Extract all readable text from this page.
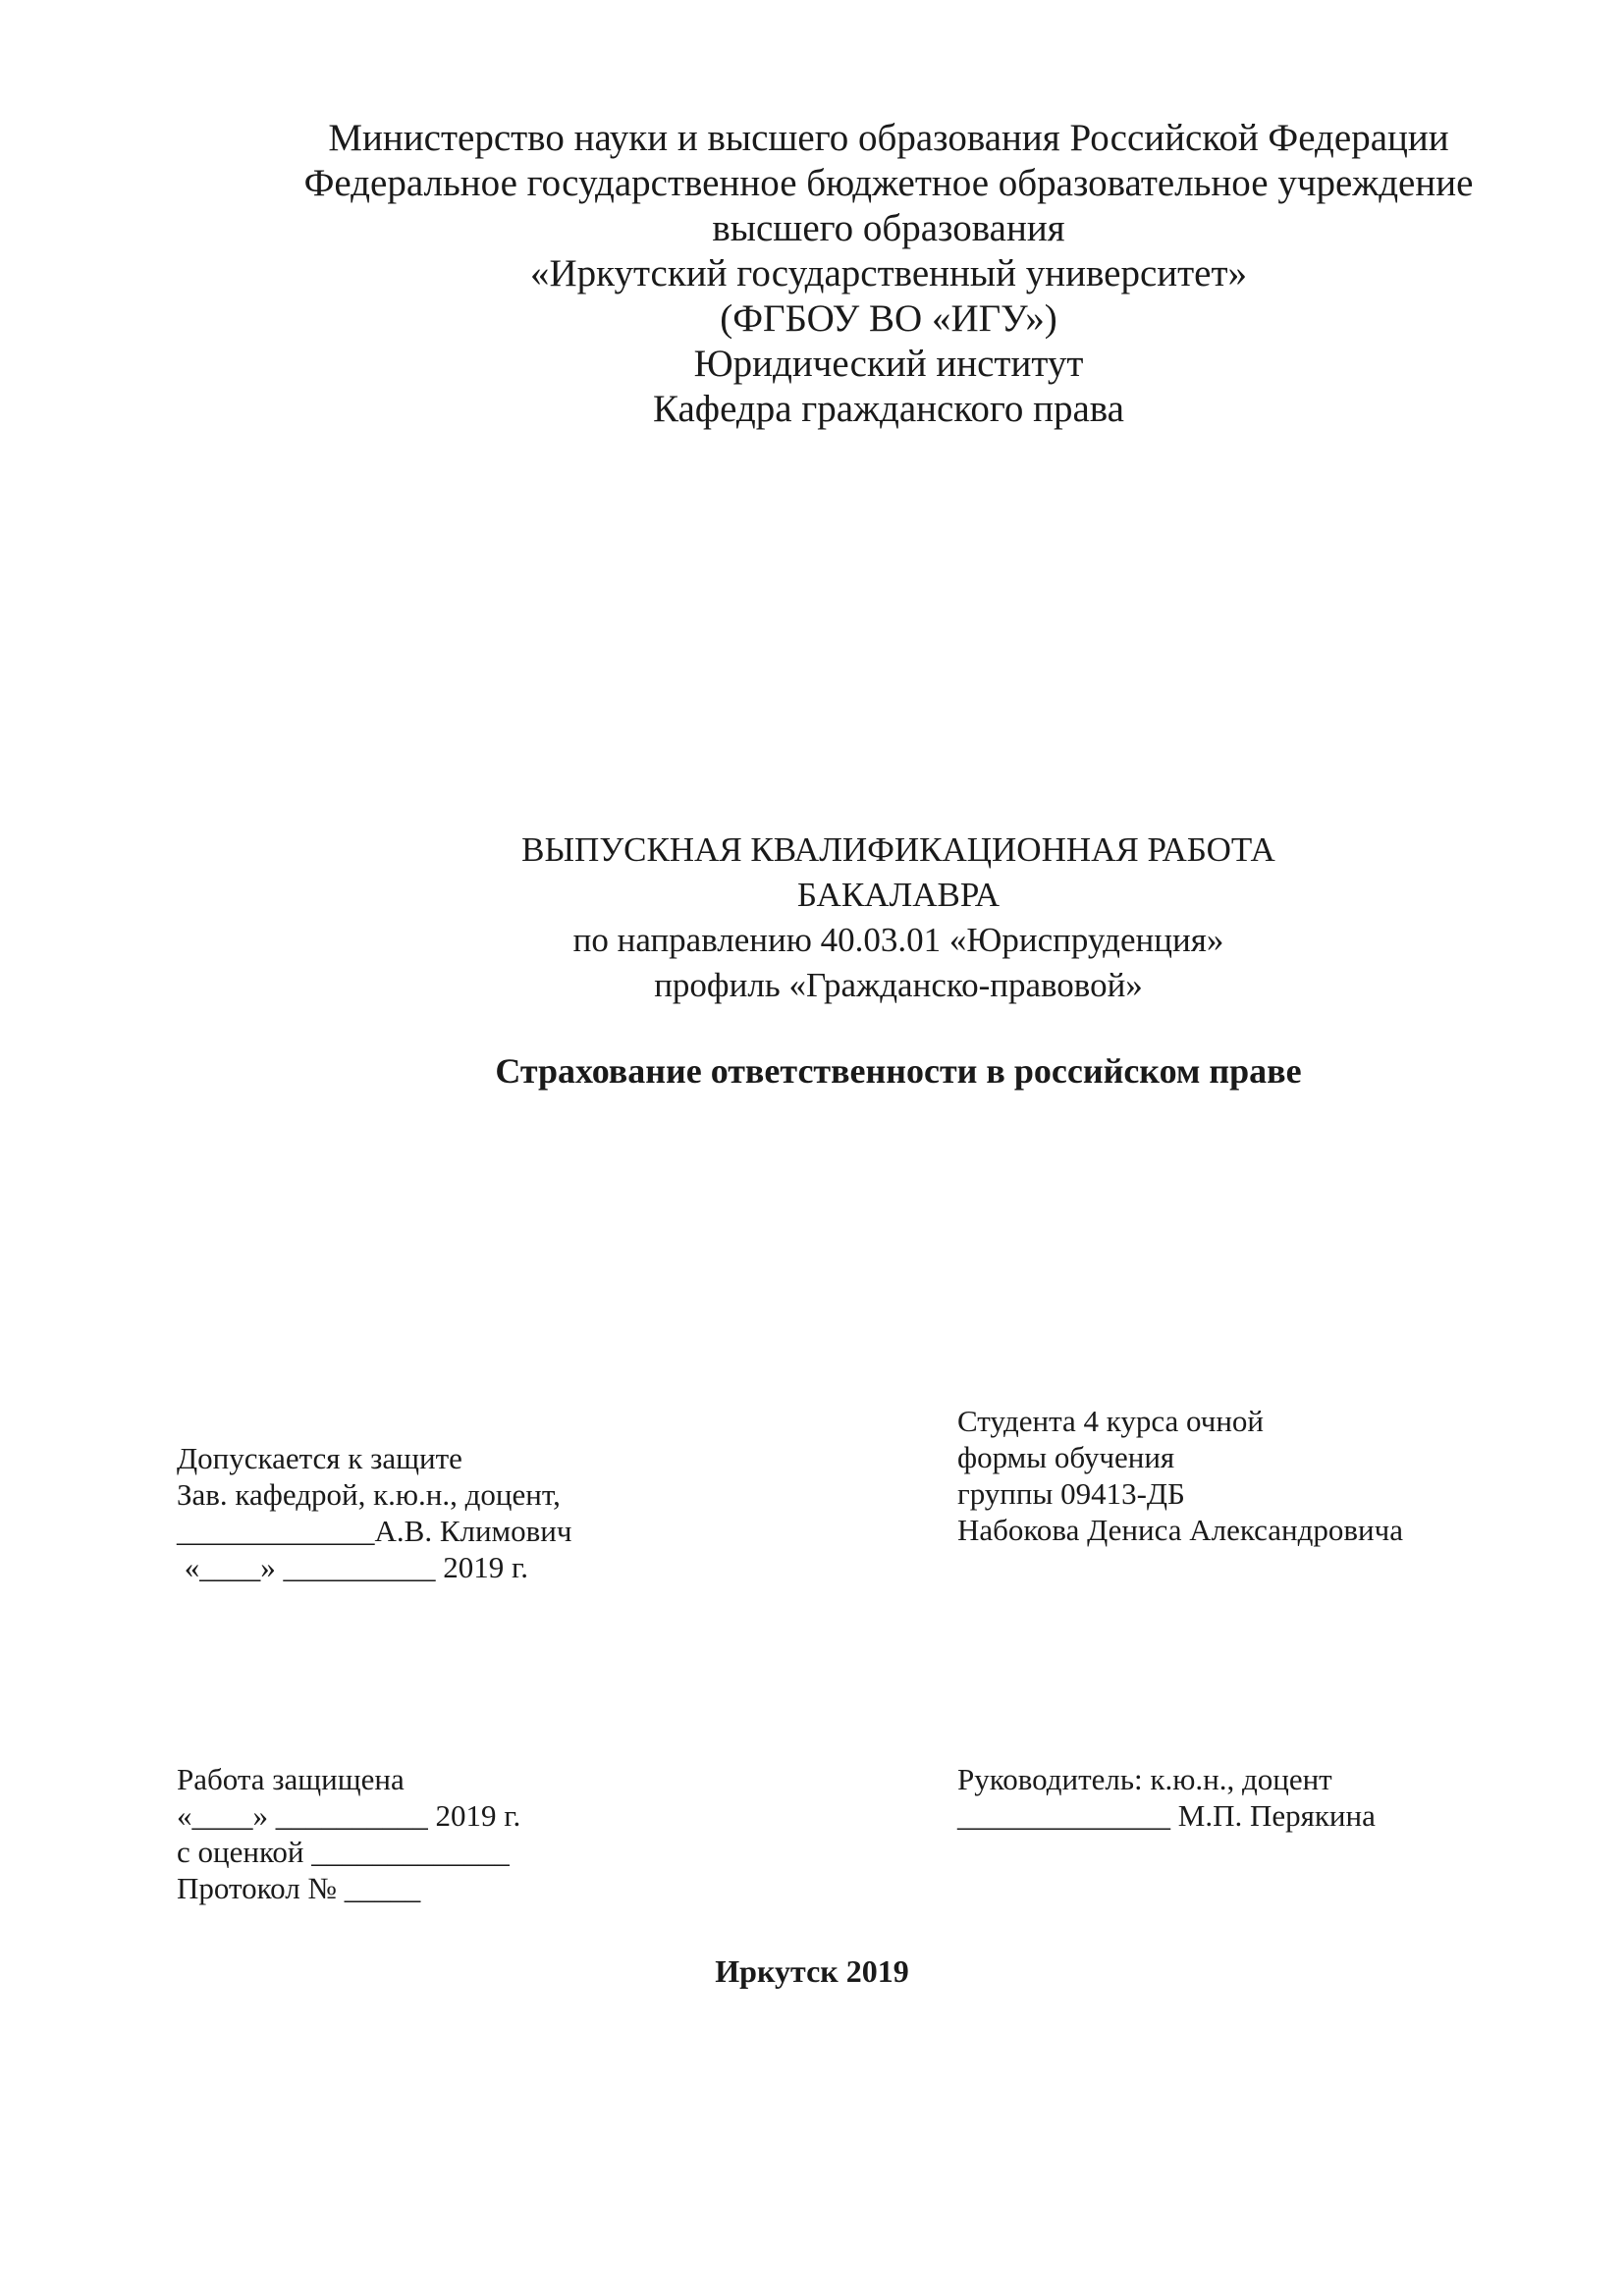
Министерство науки и высшего образования Российской Федерации
Федеральное государственное бюджетное образовательное учреждение
высшего образования
«Иркутский государственный университет»
(ФГБОУ ВО «ИГУ»)
Юридический институт
Кафедра гражданского права
ВЫПУСКНАЯ КВАЛИФИКАЦИОННАЯ РАБОТА
БАКАЛАВРА
по направлению 40.03.01 «Юриспруденция»
профиль «Гражданско-правовой»
Страхование ответственности в российском праве
Студента 4 курса очной
формы обучения
группы 09413-ДБ
Набокова Дениса Александровича
Допускается к защите
Зав. кафедрой, к.ю.н., доцент,
_____________А.В. Климович
«____» __________ 2019 г.
Работа защищена
«____» __________ 2019 г.
с оценкой _____________
Протокол № _____
Руководитель: к.ю.н., доцент
______________ М.П. Перякина
Иркутск 2019
